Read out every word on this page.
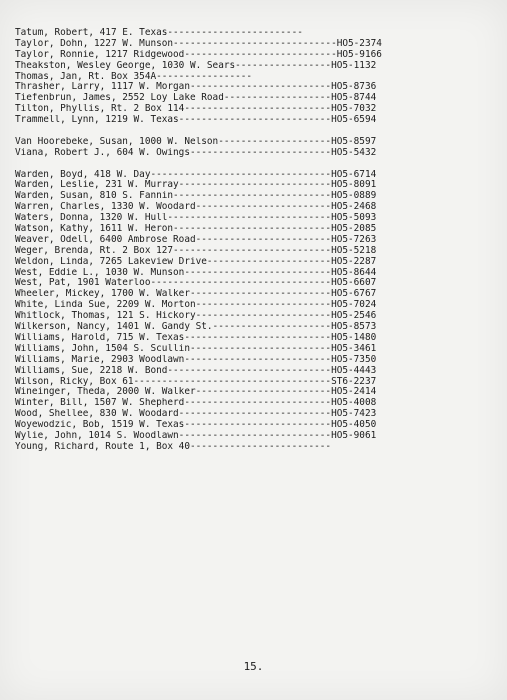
Tatum, Robert, 417 E. Texas------------------------
Taylor, Dohn, 1227 W. Munson-----------------------------HO5-2374
Taylor, Ronnie, 1217 Ridgewood---------------------------HO5-9166
Theakston, Wesley George, 1030 W. Sears-----------------HO5-1132
Thomas, Jan, Rt. Box 354A-----------------
Thrasher, Larry, 1117 W. Morgan-------------------------HO5-8736
Tiefenbrun, James, 2552 Loy Lake Road-------------------HO5-8744
Tilton, Phyllis, Rt. 2 Box 114--------------------------HO5-7032
Trammell, Lynn, 1219 W. Texas---------------------------HO5-6594
Van Hoorebeke, Susan, 1000 W. Nelson--------------------HO5-8597
Viana, Robert J., 604 W. Owings-------------------------HO5-5432
Warden, Boyd, 418 W. Day--------------------------------HO5-6714
Warden, Leslie, 231 W. Murray---------------------------HO5-8091
Warden, Susan, 810 S. Fannin----------------------------HO5-0889
Warren, Charles, 1330 W. Woodard------------------------HO5-2468
Waters, Donna, 1320 W. Hull-----------------------------HO5-5093
Watson, Kathy, 1611 W. Heron----------------------------HO5-2085
Weaver, Odell, 6400 Ambrose Road------------------------HO5-7263
Weger, Brenda, Rt. 2 Box 127----------------------------HO5-5218
Weldon, Linda, 7265 Lakeview Drive----------------------HO5-2287
West, Eddie L., 1030 W. Munson--------------------------HO5-8644
West, Pat, 1901 Waterloo--------------------------------HO5-6607
Wheeler, Mickey, 1700 W. Walker-------------------------HO5-6767
White, Linda Sue, 2209 W. Morton------------------------HO5-7024
Whitlock, Thomas, 121 S. Hickory------------------------HO5-2546
Wilkerson, Nancy, 1401 W. Gandy St.---------------------HO5-8573
Williams, Harold, 715 W. Texas--------------------------HO5-1480
Williams, John, 1504 S. Scullin-------------------------HO5-3461
Williams, Marie, 2903 Woodlawn--------------------------HO5-7350
Williams, Sue, 2218 W. Bond-----------------------------HO5-4443
Wilson, Ricky, Box 61-----------------------------------ST6-2237
Wineinger, Theda, 2000 W. Walker------------------------HO5-2414
Winter, Bill, 1507 W. Shepherd--------------------------HO5-4008
Wood, Shellee, 830 W. Woodard---------------------------HO5-7423
Woyewodzic, Bob, 1519 W. Texas--------------------------HO5-4050
Wylie, John, 1014 S. Woodlawn---------------------------HO5-9061
Young, Richard, Route 1, Box 40-------------------------
15.
